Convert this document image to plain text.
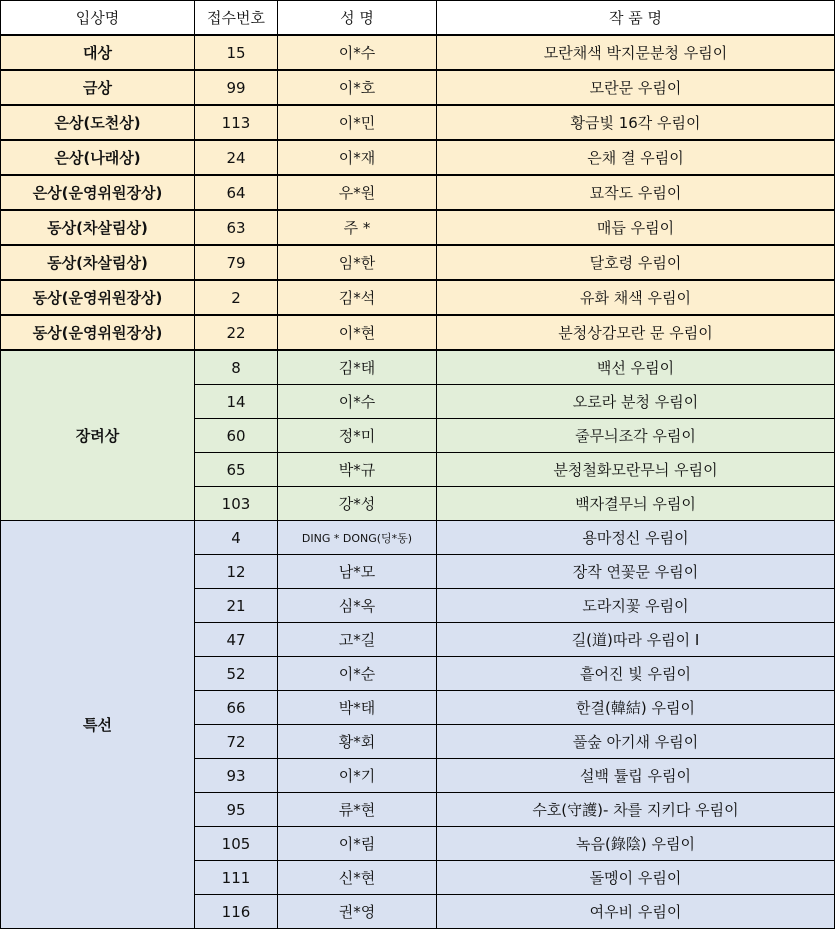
입상명	접수번호	성 명	작 품 명
대상	15	이*수	모란채색 박지문분청 우림이
금상	99	이*호	모란문 우림이
은상(도천상)	113	이*민	황금빛 16각 우림이
은상(나래상)	24	이*재	은채 결 우림이
은상(운영위원장상)	64	우*원	묘작도 우림이
동상(차살림상)	63	주 *	매듭 우림이
동상(차살림상)	79	임*한	달호령 우림이
동상(운영위원장상)	2	김*석	유화 채색 우림이
동상(운영위원장상)	22	이*현	분청상감모란 문 우림이
장려상	8	김*태	백선 우림이
	14	이*수	오로라 분청 우림이
	60	정*미	줄무늬조각 우림이
	65	박*규	분청철화모란무늬 우림이
	103	강*성	백자결무늬 우림이
특선	4	DING * DONG(딩*동)	용마정신 우림이
	12	남*모	장작 연꽃문 우림이
	21	심*옥	도라지꽃 우림이
	47	고*길	길(道)따라 우림이 I
	52	이*순	흩어진 빛 우림이
	66	박*태	한결(韓結) 우림이
	72	황*회	풀숲 아기새 우림이
	93	이*기	설백 튤립 우림이
	95	류*현	수호(守護)- 차를 지키다 우림이
	105	이*림	녹음(錄陰) 우림이
	111	신*현	돌멩이 우림이
	116	권*영	여우비 우림이
